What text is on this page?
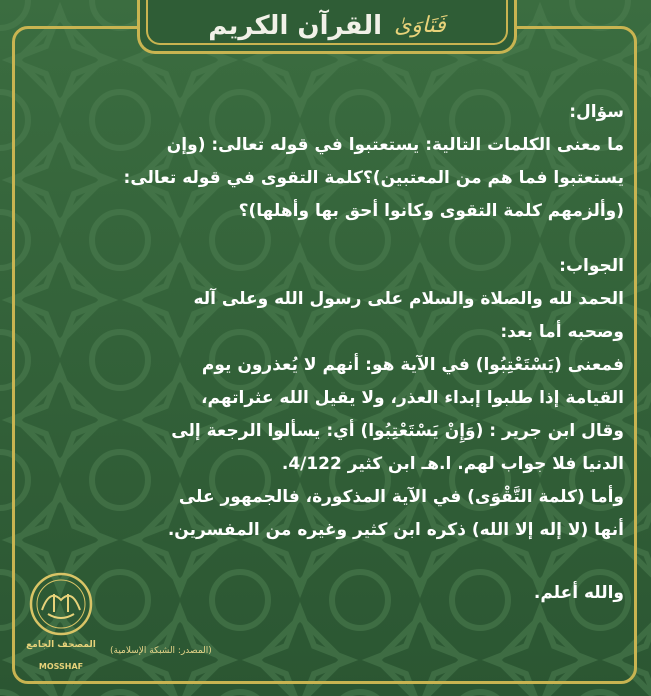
فَتَاوَىٰ
القرآن الكريم

سؤال:

ما معنى الكلمات التالية: يستعتبوا في قوله تعالى: (وإن

يستعتبوا فما هم من المعتبين)؟كلمة التقوى في قوله تعالى:

(وألزمهم كلمة التقوى وكانوا أحق بها وأهلها)؟

الجواب:

الحمد لله والصلاة والسلام على رسول الله وعلى آله

وصحبه أما بعد:

فمعنى (يَسْتَعْتِبُوا) في الآية هو: أنهم لا يُعذرون يوم

القيامة إذا طلبوا إبداء العذر، ولا يقيل الله عثراتهم،

وقال ابن جرير : (وَإِنْ يَسْتَعْتِبُوا) أي: يسألوا الرجعة إلى

الدنيا فلا جواب لهم. ا.هـ ابن كثير 4/122.

وأما (كلمة التَّقْوَى) في الآية المذكورة، فالجمهور على

أنها (لا إله إلا الله) ذكره ابن كثير وغيره من المفسرين.

والله أعلم.

المصحف الجامع
MOSSHAF
(المصدر: الشبكة الإسلامية)
